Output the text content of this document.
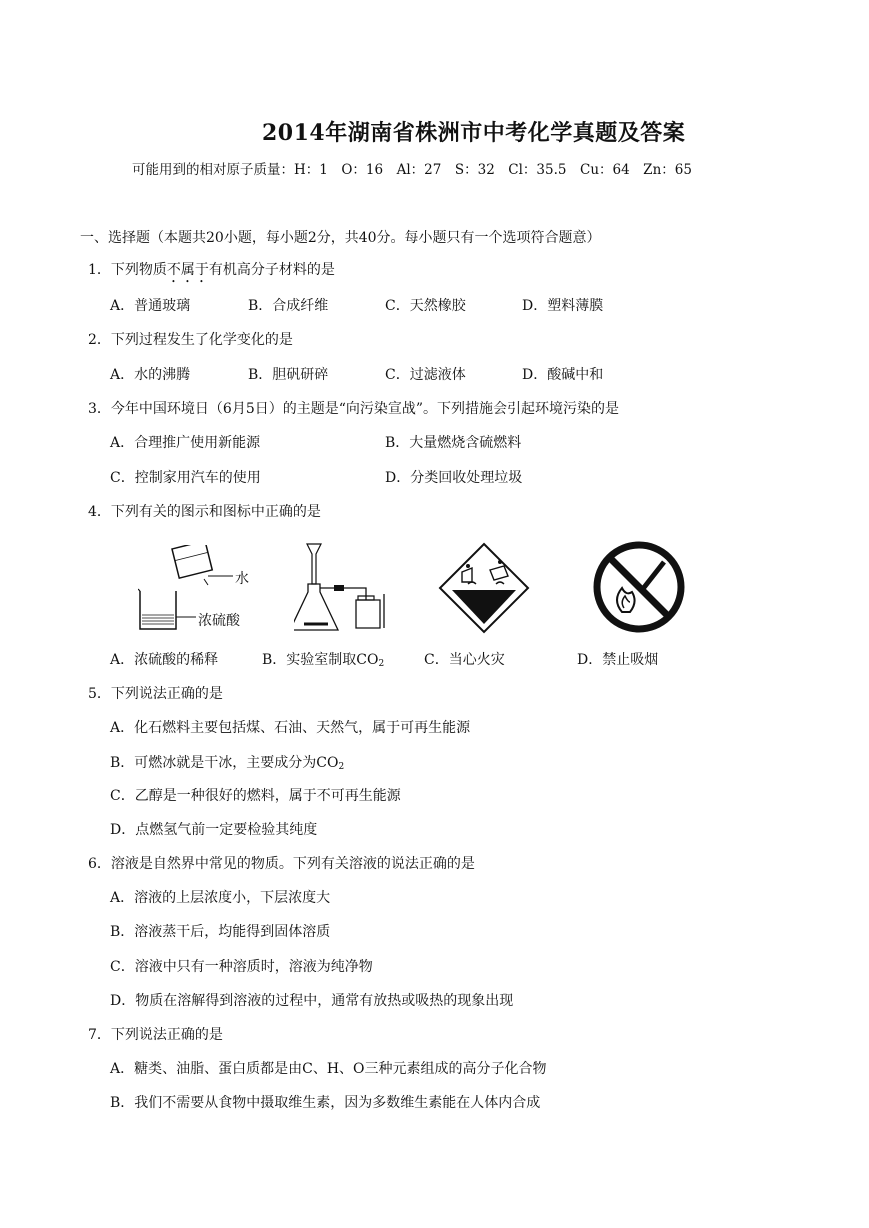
2014年湖南省株洲市中考化学真题及答案
可能用到的相对原子质量：H：1　O：16　Al：27　S：32　Cl：35.5　Cu：64　Zn：65
一、选择题（本题共20小题，每小题2分，共40分。每小题只有一个选项符合题意）
1．下列物质不属于有机高分子材料的是
A．普通玻璃	B．合成纤维	C．天然橡胶	D．塑料薄膜
2．下列过程发生了化学变化的是
A．水的沸腾	B．胆矾研碎	C．过滤液体	D．酸碱中和
3．今年中国环境日（6月5日）的主题是“向污染宣战”。下列措施会引起环境污染的是
A．合理推广使用新能源	B．大量燃烧含硫燃料
C．控制家用汽车的使用	D．分类回收处理垃圾
4．下列有关的图示和图标中正确的是
水
浓硫酸
A．浓硫酸的稀释	B．实验室制取$CO_2$	C．当心火灾	D．禁止吸烟
5．下列说法正确的是
A．化石燃料主要包括煤、石油、天然气，属于可再生能源
B．可燃冰就是干冰，主要成分为$CO_2$
C．乙醇是一种很好的燃料，属于不可再生能源
D．点燃氢气前一定要检验其纯度
6．溶液是自然界中常见的物质。下列有关溶液的说法正确的是
A．溶液的上层浓度小，下层浓度大
B．溶液蒸干后，均能得到固体溶质
C．溶液中只有一种溶质时，溶液为纯净物
D．物质在溶解得到溶液的过程中，通常有放热或吸热的现象出现
7．下列说法正确的是
A．糖类、油脂、蛋白质都是由C、H、O三种元素组成的高分子化合物
B．我们不需要从食物中摄取维生素，因为多数维生素能在人体内合成
